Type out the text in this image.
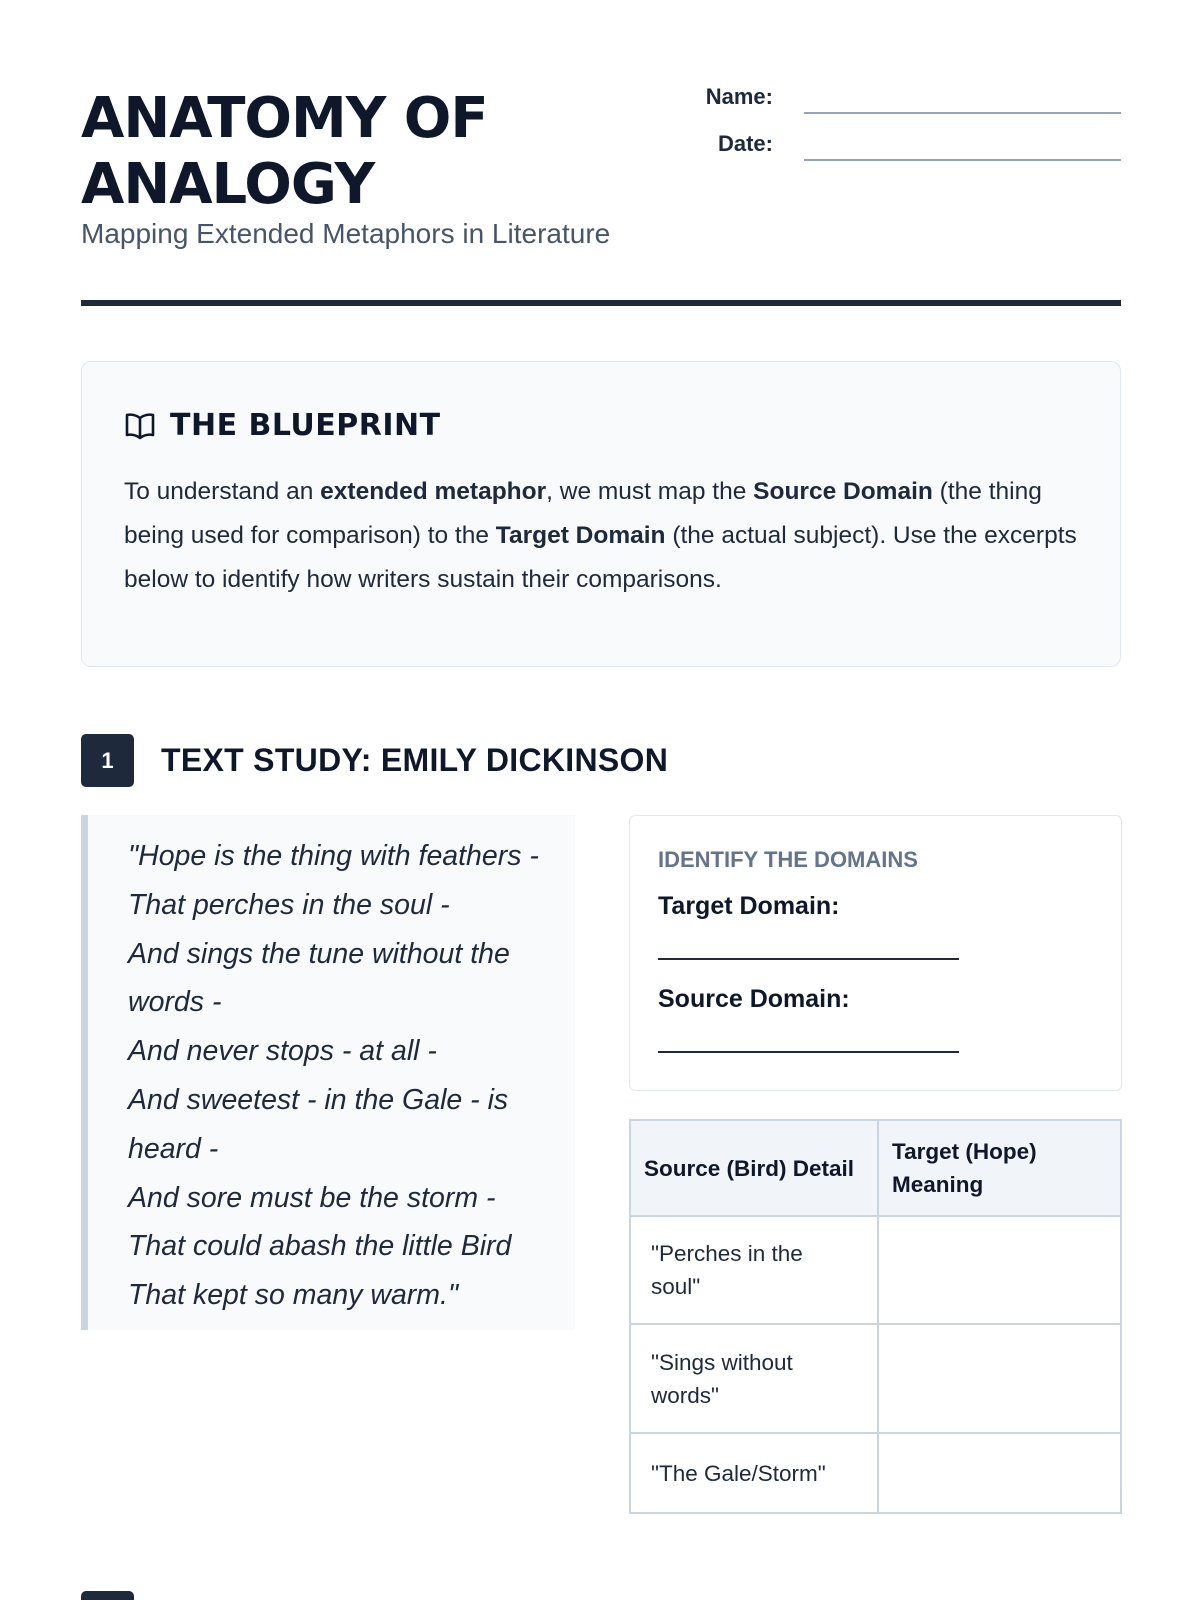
ANATOMY OF
ANALOGY
Mapping Extended Metaphors in Literature
Name:
Date:
THE BLUEPRINT

To understand an extended metaphor, we must map the Source Domain (the thing being used for comparison) to the Target Domain (the actual subject). Use the excerpts below to identify how writers sustain their comparisons.

1	TEXT STUDY: EMILY DICKINSON
"Hope is the thing with feathers -
That perches in the soul -
And sings the tune without the
words -
And never stops - at all -
And sweetest - in the Gale - is
heard -
And sore must be the storm -
That could abash the little Bird
That kept so many warm."
IDENTIFY THE DOMAINS
Target Domain:
Source Domain:
Source (Bird) Detail	Target (Hope) Meaning
"Perches in the soul"	
"Sings without words"	
"The Gale/Storm"	
